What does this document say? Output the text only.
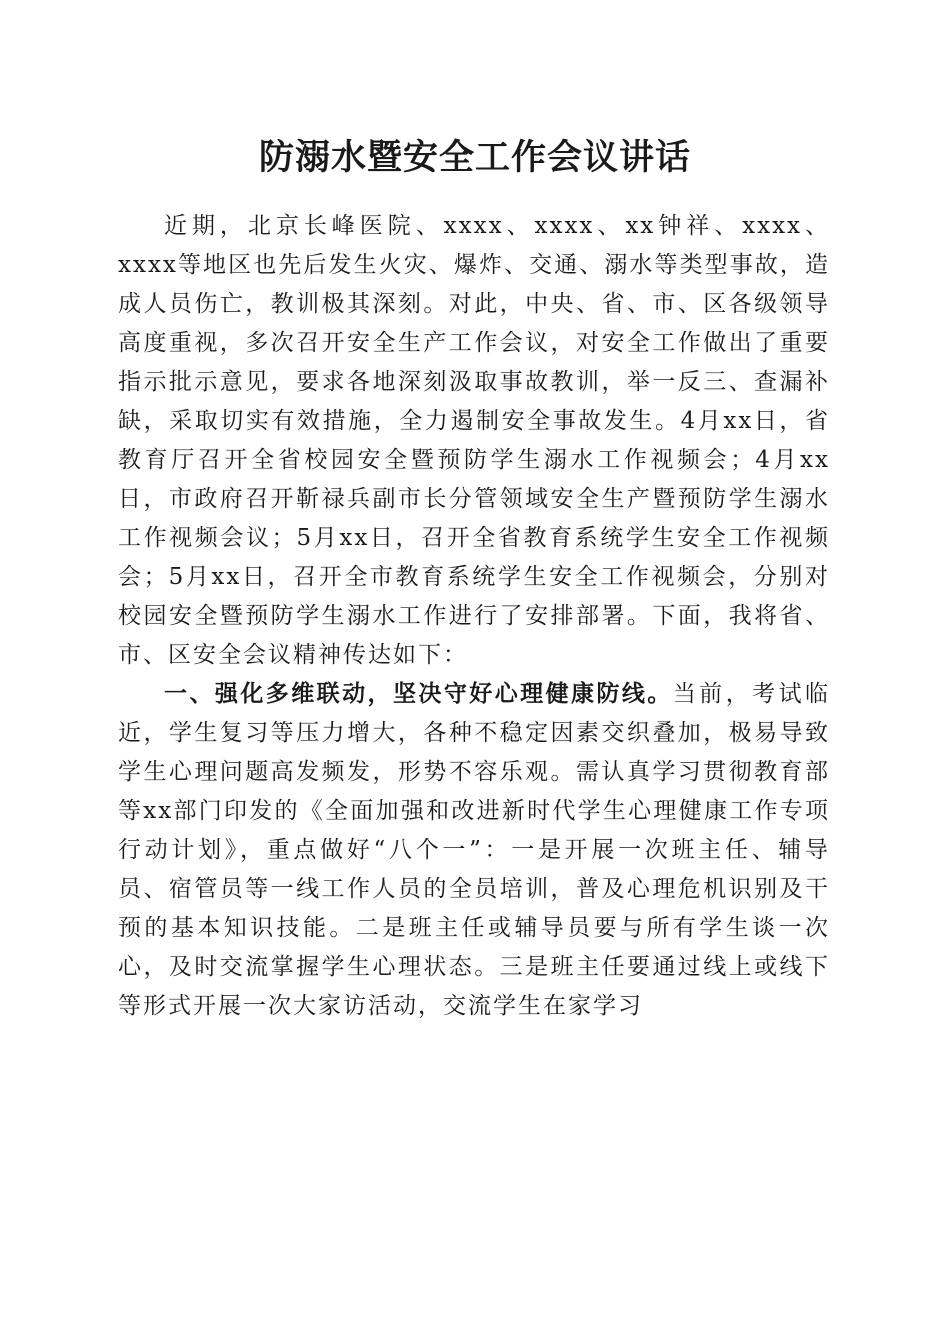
防溺水暨安全工作会议讲话

近期，北京长峰医院、xxxx、xxxx、xx钟祥、xxxx、xxxx等地区也先后发生火灾、爆炸、交通、溺水等类型事故，造成人员伤亡，教训极其深刻。对此，中央、省、市、区各级领导高度重视，多次召开安全生产工作会议，对安全工作做出了重要指示批示意见，要求各地深刻汲取事故教训，举一反三、查漏补缺，采取切实有效措施，全力遏制安全事故发生。4月xx日，省教育厅召开全省校园安全暨预防学生溺水工作视频会；4月xx日，市政府召开靳禄兵副市长分管领域安全生产暨预防学生溺水工作视频会议；5月xx日，召开全省教育系统学生安全工作视频会；5月xx日，召开全市教育系统学生安全工作视频会，分别对校园安全暨预防学生溺水工作进行了安排部署。下面，我将省、市、区安全会议精神传达如下：

一、强化多维联动，坚决守好心理健康防线。当前，考试临近，学生复习等压力增大，各种不稳定因素交织叠加，极易导致学生心理问题高发频发，形势不容乐观。需认真学习贯彻教育部等xx部门印发的《全面加强和改进新时代学生心理健康工作专项行动计划》，重点做好“八个一”：一是开展一次班主任、辅导员、宿管员等一线工作人员的全员培训，普及心理危机识别及干预的基本知识技能。二是班主任或辅导员要与所有学生谈一次心，及时交流掌握学生心理状态。三是班主任要通过线上或线下等形式开展一次大家访活动，交流学生在家学习
